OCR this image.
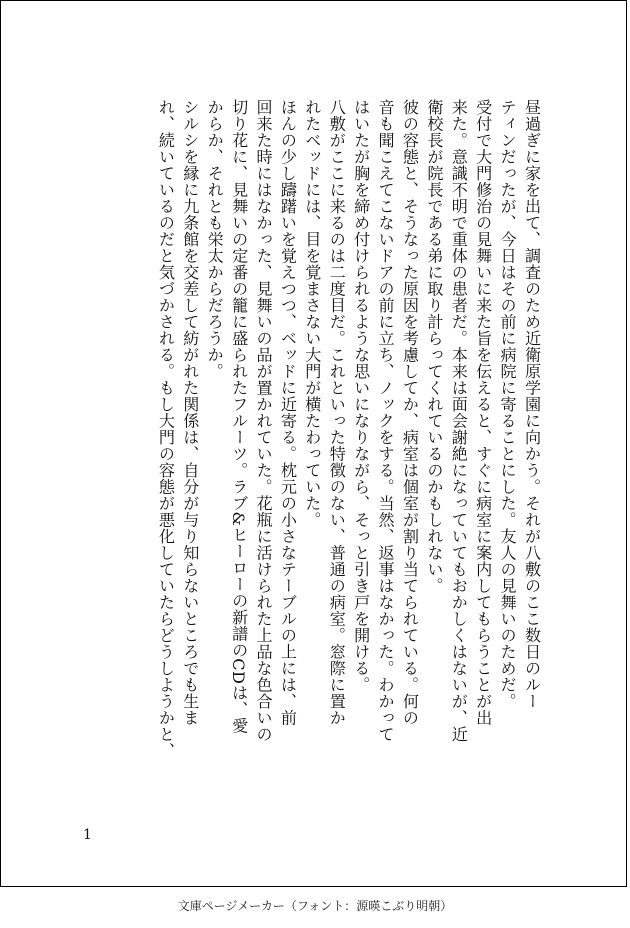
昼過ぎに家を出て、調査のため近衛原学園に向かう。それが八敷のここ数日のルー
ティンだったが、今日はその前に病院に寄ることにした。友人の見舞いのためだ。
受付で大門修治の見舞いに来た旨を伝えると、すぐに病室に案内してもらうことが出
来た。意識不明で重体の患者だ。本来は面会謝絶になっていてもおかしくはないが、近
衛校長が院長である弟に取り計らってくれているのかもしれない。
彼の容態と、そうなった原因を考慮してか、病室は個室が割り当てられている。何の
音も聞こえてこないドアの前に立ち、ノックをする。当然、返事はなかった。わかって
はいたが胸を締め付けられるような思いになりながら、そっと引き戸を開ける。
八敷がここに来るのは二度目だ。これといった特徴のない、普通の病室。窓際に置か
れたベッドには、目を覚まさない大門が横たわっていた。
ほんの少し躊躇いを覚えつつ、ベッドに近寄る。枕元の小さなテーブルの上には、前
回来た時にはなかった、見舞いの品が置かれていた。花瓶に活けられた上品な色合いの
切り花に、見舞いの定番の籠に盛られたフルーツ。ラブ&ヒーローの新譜のCDは、愛
からか、それとも栄太からだろうか。
シルシを縁に九条館を交差して紡がれた関係は、自分が与り知らないところでも生ま
れ、続いているのだと気づかされる。もし大門の容態が悪化していたらどうしようかと、
1
文庫ページメーカー（フォント：源暎こぶり明朝）
